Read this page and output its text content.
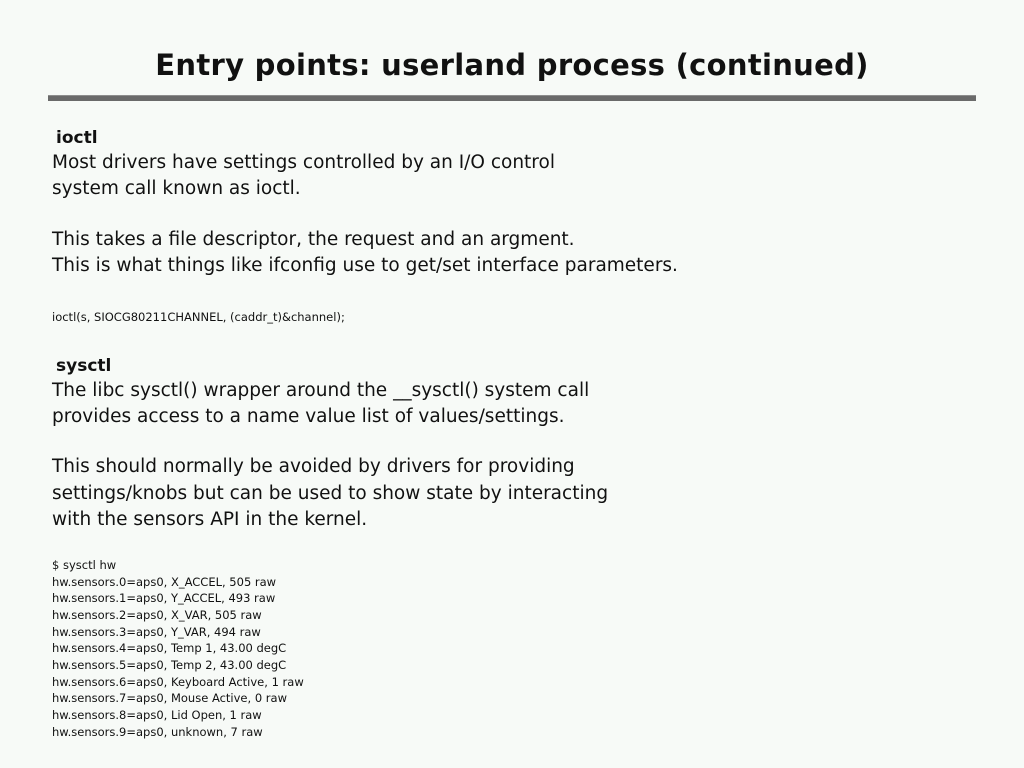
Entry points: userland process (continued)
ioctl

Most drivers have settings controlled by an I/O control
system call known as ioctl.

This takes a file descriptor, the request and an argment.
This is what things like ifconfig use to get/set interface parameters.

ioctl(s, SIOCG80211CHANNEL, (caddr_t)&channel);

sysctl

The libc sysctl() wrapper around the __sysctl() system call
provides access to a name value list of values/settings.

This should normally be avoided by drivers for providing
settings/knobs but can be used to show state by interacting
with the sensors API in the kernel.

$ sysctl hw
hw.sensors.0=aps0, X_ACCEL, 505 raw
hw.sensors.1=aps0, Y_ACCEL, 493 raw
hw.sensors.2=aps0, X_VAR, 505 raw
hw.sensors.3=aps0, Y_VAR, 494 raw
hw.sensors.4=aps0, Temp 1, 43.00 degC
hw.sensors.5=aps0, Temp 2, 43.00 degC
hw.sensors.6=aps0, Keyboard Active, 1 raw
hw.sensors.7=aps0, Mouse Active, 0 raw
hw.sensors.8=aps0, Lid Open, 1 raw
hw.sensors.9=aps0, unknown, 7 raw
